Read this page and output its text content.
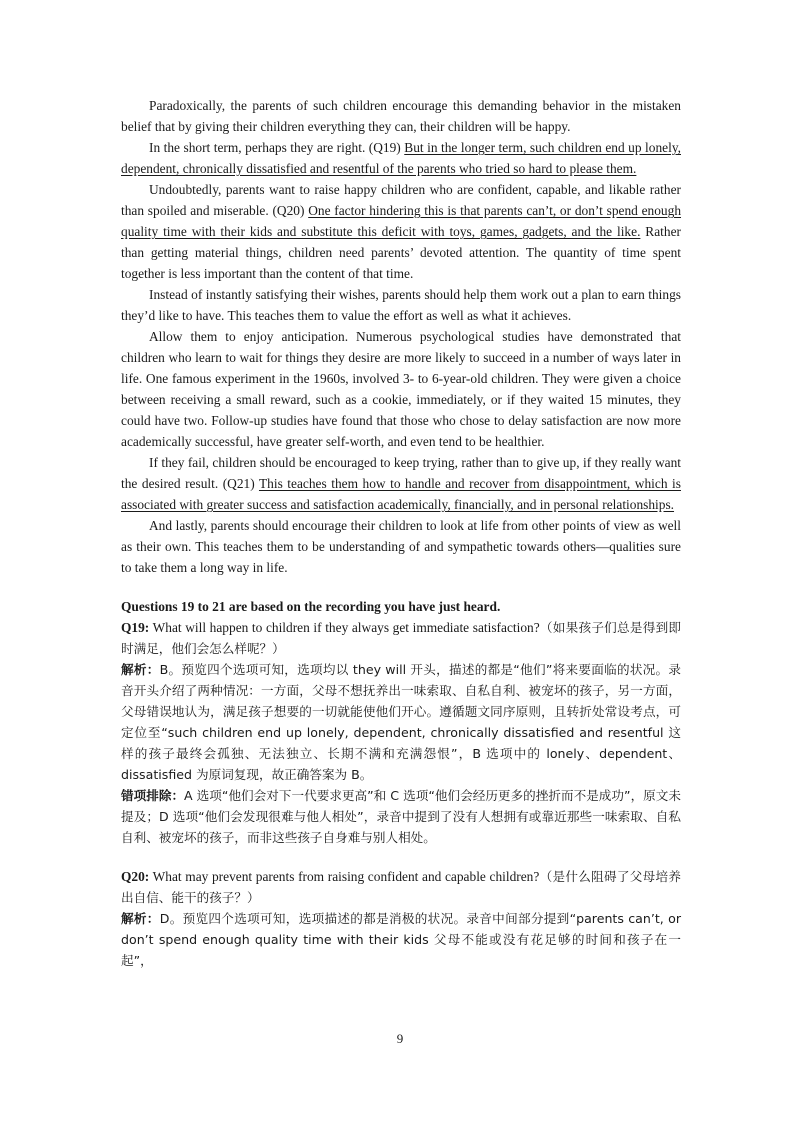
Paradoxically, the parents of such children encourage this demanding behavior in the mistaken belief that by giving their children everything they can, their children will be happy.

In the short term, perhaps they are right. (Q19) But in the longer term, such children end up lonely, dependent, chronically dissatisfied and resentful of the parents who tried so hard to please them.

Undoubtedly, parents want to raise happy children who are confident, capable, and likable rather than spoiled and miserable. (Q20) One factor hindering this is that parents can’t, or don’t spend enough quality time with their kids and substitute this deficit with toys, games, gadgets, and the like. Rather than getting material things, children need parents’ devoted attention. The quantity of time spent together is less important than the content of that time.

Instead of instantly satisfying their wishes, parents should help them work out a plan to earn things they’d like to have. This teaches them to value the effort as well as what it achieves.

Allow them to enjoy anticipation. Numerous psychological studies have demonstrated that children who learn to wait for things they desire are more likely to succeed in a number of ways later in life. One famous experiment in the 1960s, involved 3- to 6-year-old children. They were given a choice between receiving a small reward, such as a cookie, immediately, or if they waited 15 minutes, they could have two. Follow-up studies have found that those who chose to delay satisfaction are now more academically successful, have greater self-worth, and even tend to be healthier.

If they fail, children should be encouraged to keep trying, rather than to give up, if they really want the desired result. (Q21) This teaches them how to handle and recover from disappointment, which is associated with greater success and satisfaction academically, financially, and in personal relationships.

And lastly, parents should encourage their children to look at life from other points of view as well as their own. This teaches them to be understanding of and sympathetic towards others—qualities sure to take them a long way in life.

Questions 19 to 21 are based on the recording you have just heard.

Q19: What will happen to children if they always get immediate satisfaction?（如果孩子们总是得到即时满足，他们会怎么样呢？）

解析：B。预览四个选项可知，选项均以 they will 开头，描述的都是“他们”将来要面临的状况。录音开头介绍了两种情况：一方面，父母不想抚养出一味索取、自私自利、被宠坏的孩子，另一方面，父母错误地认为，满足孩子想要的一切就能使他们开心。遵循题文同序原则，且转折处常设考点，可定位至“such children end up lonely, dependent, chronically dissatisfied and resentful 这样的孩子最终会孤独、无法独立、长期不满和充满怨恨”，B 选项中的 lonely、dependent、dissatisfied 为原词复现，故正确答案为 B。

错项排除：A 选项“他们会对下一代要求更高”和 C 选项“他们会经历更多的挫折而不是成功”，原文未提及；D 选项“他们会发现很难与他人相处”，录音中提到了没有人想拥有或靠近那些一味索取、自私自利、被宠坏的孩子，而非这些孩子自身难与别人相处。

Q20: What may prevent parents from raising confident and capable children?（是什么阻碍了父母培养出自信、能干的孩子？）

解析：D。预览四个选项可知，选项描述的都是消极的状况。录音中间部分提到“parents can’t, or don’t spend enough quality time with their kids 父母不能或没有花足够的时间和孩子在一起”，

9
